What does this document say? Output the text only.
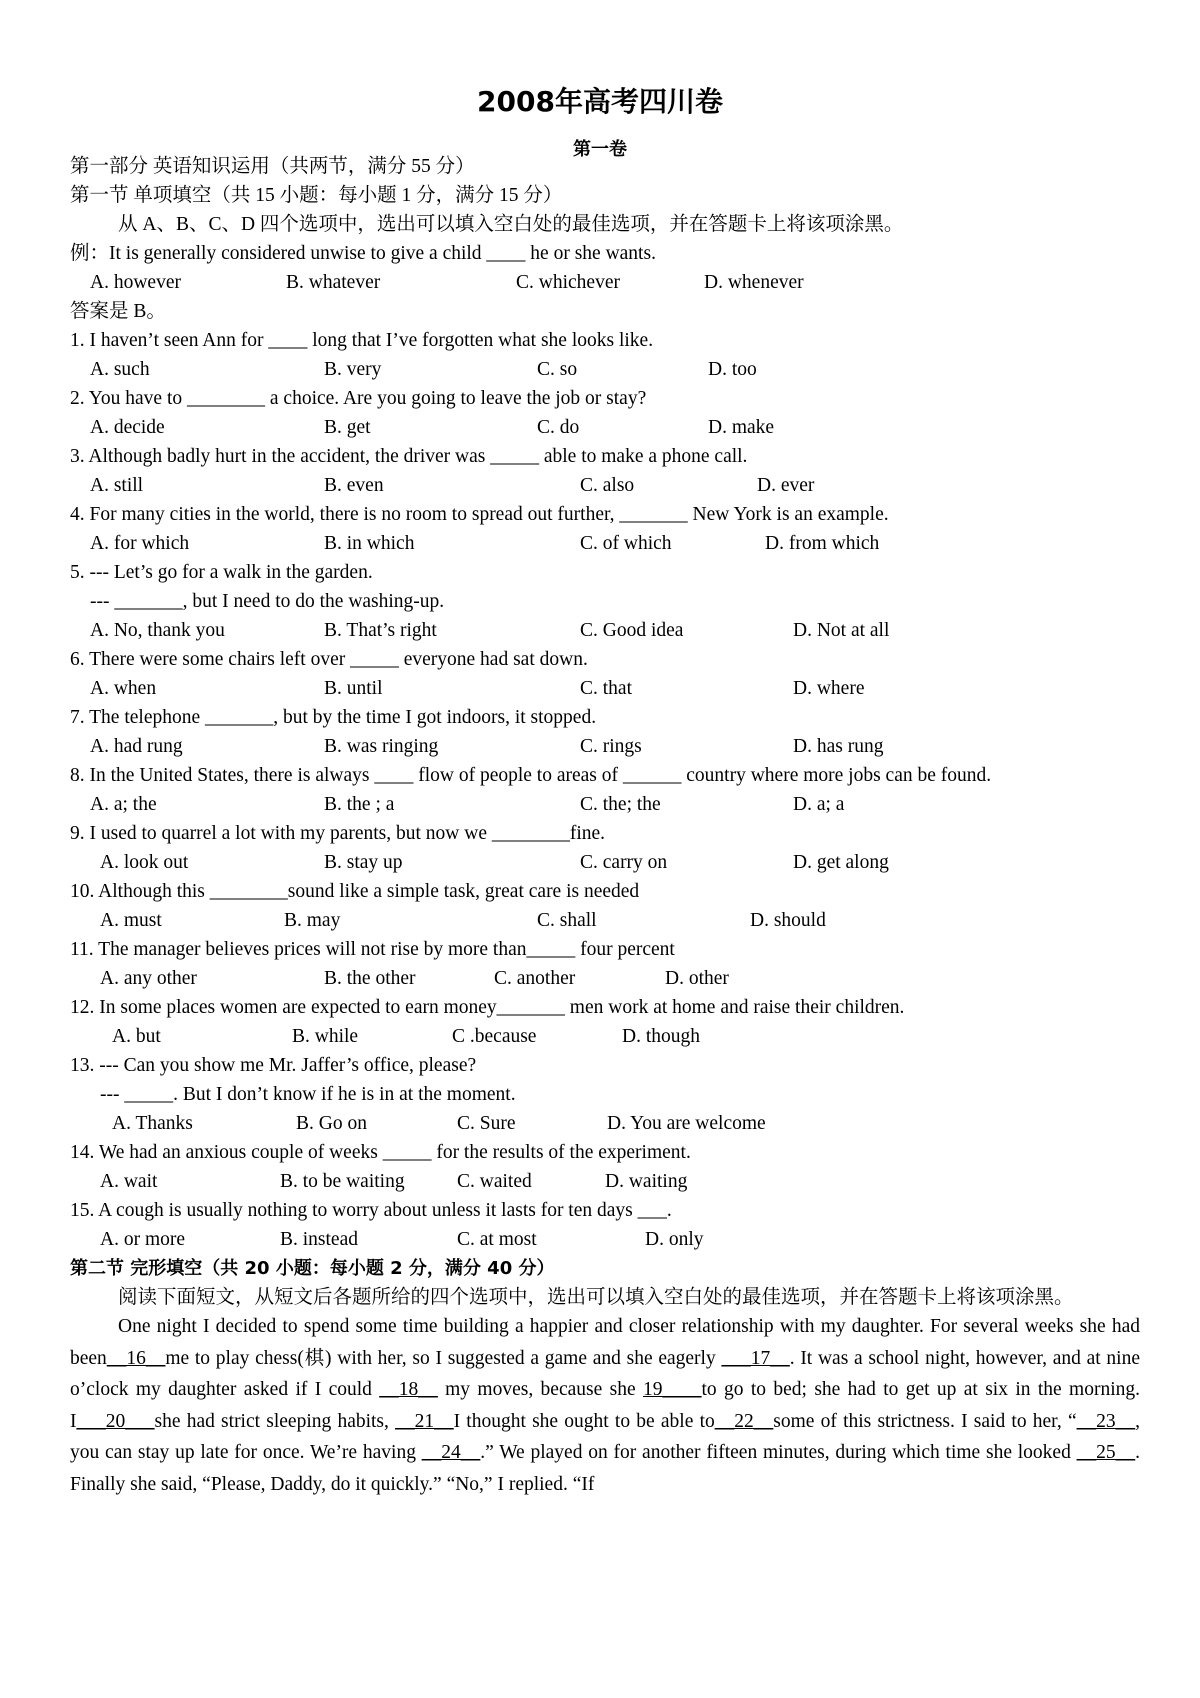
2008年高考四川卷
第一卷
第一部分 英语知识运用（共两节，满分 55 分）
第一节 单项填空（共 15 小题：每小题 1 分，满分 15 分）
从 A、B、C、D 四个选项中，选出可以填入空白处的最佳选项，并在答题卡上将该项涂黑。
例：It is generally considered unwise to give a child ____ he or she wants.
A. however	B. whatever	C. whichever	D. whenever
答案是 B。
1. I haven’t seen Ann for ____ long that I’ve forgotten what she looks like.
A. such	B. very	C. so	D. too
2. You have to ________ a choice. Are you going to leave the job or stay?
A. decide	B. get	C. do	D. make
3. Although badly hurt in the accident, the driver was _____ able to make a phone call.
A. still	B. even	C. also	D. ever
4. For many cities in the world, there is no room to spread out further, _______ New York is an example.
A. for which	B. in which	C. of which	D. from which
5. --- Let’s go for a walk in the garden.
--- _______, but I need to do the washing-up.
A. No, thank you	B. That’s right	C. Good idea	D. Not at all
6. There were some chairs left over _____ everyone had sat down.
A. when	B. until	C. that	D. where
7. The telephone _______, but by the time I got indoors, it stopped.
A. had rung	B. was ringing	C. rings	D. has rung
8. In the United States, there is always ____ flow of people to areas of ______ country where more jobs can be found.
A. a; the	B. the ; a	C. the; the	D. a; a
9. I used to quarrel a lot with my parents, but now we ________fine.
A. look out	B. stay up	C. carry on	D. get along
10. Although this ________sound like a simple task, great care is needed
A. must	B. may	C. shall	D. should
11. The manager believes prices will not rise by more than_____ four percent
A. any other	B. the other	C. another	D. other
12. In some places women are expected to earn money_______ men work at home and raise their children.
A. but	B. while	C .because	D. though
13. --- Can you show me Mr. Jaffer’s office, please?
--- _____. But I don’t know if he is in at the moment.
A. Thanks	B. Go on	C. Sure	D. You are welcome
14. We had an anxious couple of weeks _____ for the results of the experiment.
A. wait	B. to be waiting	C. waited	D. waiting
15. A cough is usually nothing to worry about unless it lasts for ten days ___.
A. or more	B. instead	C. at most	D. only
第二节 完形填空（共 20 小题：每小题 2 分，满分 40 分）
阅读下面短文，从短文后各题所给的四个选项中，选出可以填入空白处的最佳选项，并在答题卡上将该项涂黑。
One night I decided to spend some time building a happier and closer relationship with my daughter. For several weeks she had been__16__me to play chess(棋) with her, so I suggested a game and she eagerly ___17__. It was a school night, however, and at nine o’clock my daughter asked if I could __18__ my moves, because she 19____to go to bed; she had to get up at six in the morning. I___20___she had strict sleeping habits, __21__I thought she ought to be able to__22__some of this strictness. I said to her, “__23__, you can stay up late for once. We’re having __24__.” We played on for another fifteen minutes, during which time she looked __25__. Finally she said, “Please, Daddy, do it quickly.” “No,” I replied. “If
